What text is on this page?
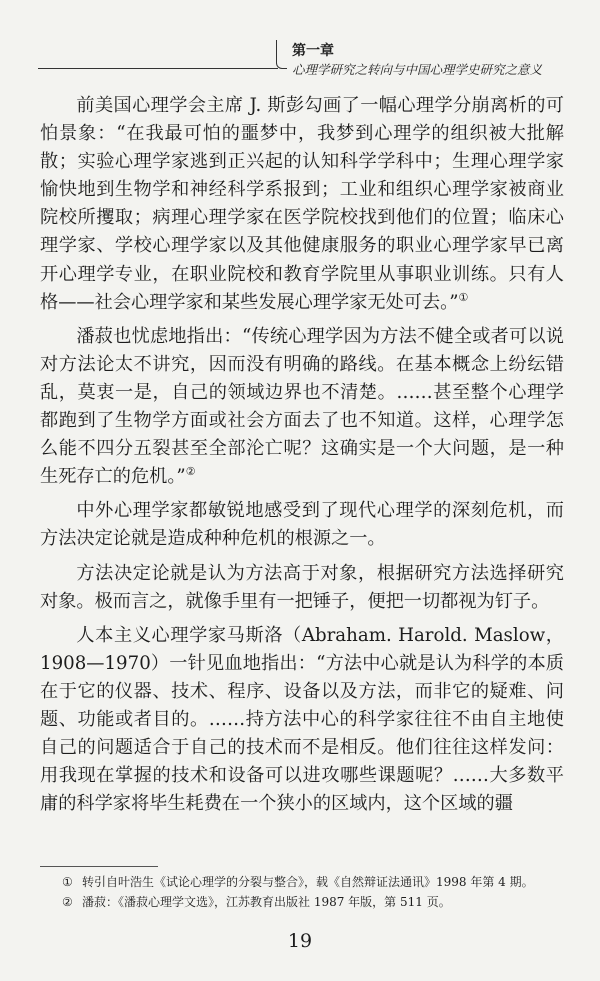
第一章
心理学研究之转向与中国心理学史研究之意义

前美国心理学会主席 J. 斯彭勾画了一幅心理学分崩离析的可怕景象：“在我最可怕的噩梦中，我梦到心理学的组织被大批解散；实验心理学家逃到正兴起的认知科学学科中；生理心理学家愉快地到生物学和神经科学系报到；工业和组织心理学家被商业院校所攫取；病理心理学家在医学院校找到他们的位置；临床心理学家、学校心理学家以及其他健康服务的职业心理学家早已离开心理学专业，在职业院校和教育学院里从事职业训练。只有人格——社会心理学家和某些发展心理学家无处可去。”①

潘菽也忧虑地指出：“传统心理学因为方法不健全或者可以说对方法论太不讲究，因而没有明确的路线。在基本概念上纷纭错乱，莫衷一是，自己的领域边界也不清楚。……甚至整个心理学都跑到了生物学方面或社会方面去了也不知道。这样，心理学怎么能不四分五裂甚至全部沦亡呢？这确实是一个大问题，是一种生死存亡的危机。”②

中外心理学家都敏锐地感受到了现代心理学的深刻危机，而方法决定论就是造成种种危机的根源之一。

方法决定论就是认为方法高于对象，根据研究方法选择研究对象。极而言之，就像手里有一把锤子，便把一切都视为钉子。

人本主义心理学家马斯洛（Abraham. Harold. Maslow，1908—1970）一针见血地指出：“方法中心就是认为科学的本质在于它的仪器、技术、程序、设备以及方法，而非它的疑难、问题、功能或者目的。……持方法中心的科学家往往不由自主地使自己的问题适合于自己的技术而不是相反。他们往往这样发问：用我现在掌握的技术和设备可以进攻哪些课题呢？……大多数平庸的科学家将毕生耗费在一个狭小的区域内，这个区域的疆

① 转引自叶浩生《试论心理学的分裂与整合》，载《自然辩证法通讯》1998 年第 4 期。
② 潘菽：《潘菽心理学文选》，江苏教育出版社 1987 年版，第 511 页。
19
